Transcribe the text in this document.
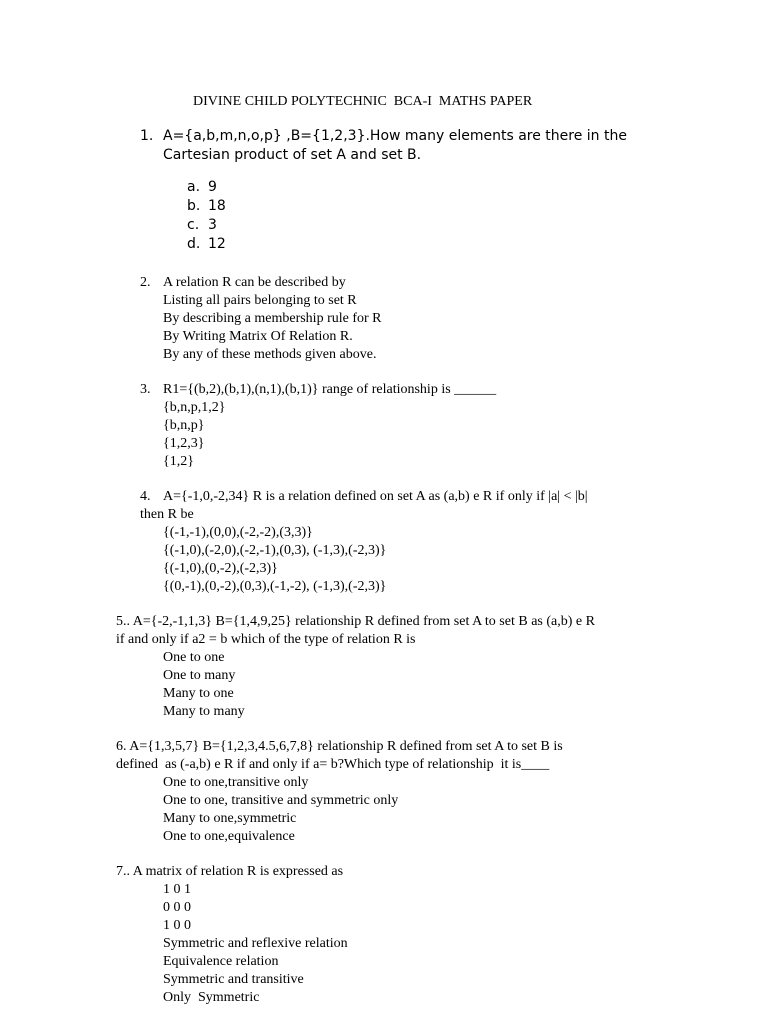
DIVINE CHILD POLYTECHNIC  BCA-I  MATHS PAPER
1. A={a,b,m,n,o,p} ,B={1,2,3}.How many elements are there in the
Cartesian product of set A and set B.
a. 9
b. 18
c. 3
d. 12
2. A relation R can be described by
Listing all pairs belonging to set R
By describing a membership rule for R
By Writing Matrix Of Relation R.
By any of these methods given above.
3. R1={(b,2),(b,1),(n,1),(b,1)} range of relationship is ______
{b,n,p,1,2}
{b,n,p}
{1,2,3}
{1,2}
4. A={-1,0,-2,34} R is a relation defined on set A as (a,b) e R if only if |a| < |b|
then R be
{(-1,-1),(0,0),(-2,-2),(3,3)}
{(-1,0),(-2,0),(-2,-1),(0,3), (-1,3),(-2,3)}
{(-1,0),(0,-2),(-2,3)}
{(0,-1),(0,-2),(0,3),(-1,-2), (-1,3),(-2,3)}
5.. A={-2,-1,1,3} B={1,4,9,25} relationship R defined from set A to set B as (a,b) e R
if and only if a2 = b which of the type of relation R is
One to one
One to many
Many to one
Many to many
6. A={1,3,5,7} B={1,2,3,4.5,6,7,8} relationship R defined from set A to set B is
defined  as (-a,b) e R if and only if a= b?Which type of relationship  it is____
One to one,transitive only
One to one, transitive and symmetric only
Many to one,symmetric
One to one,equivalence
7.. A matrix of relation R is expressed as
1 0 1
0 0 0
1 0 0
Symmetric and reflexive relation
Equivalence relation
Symmetric and transitive
Only  Symmetric
